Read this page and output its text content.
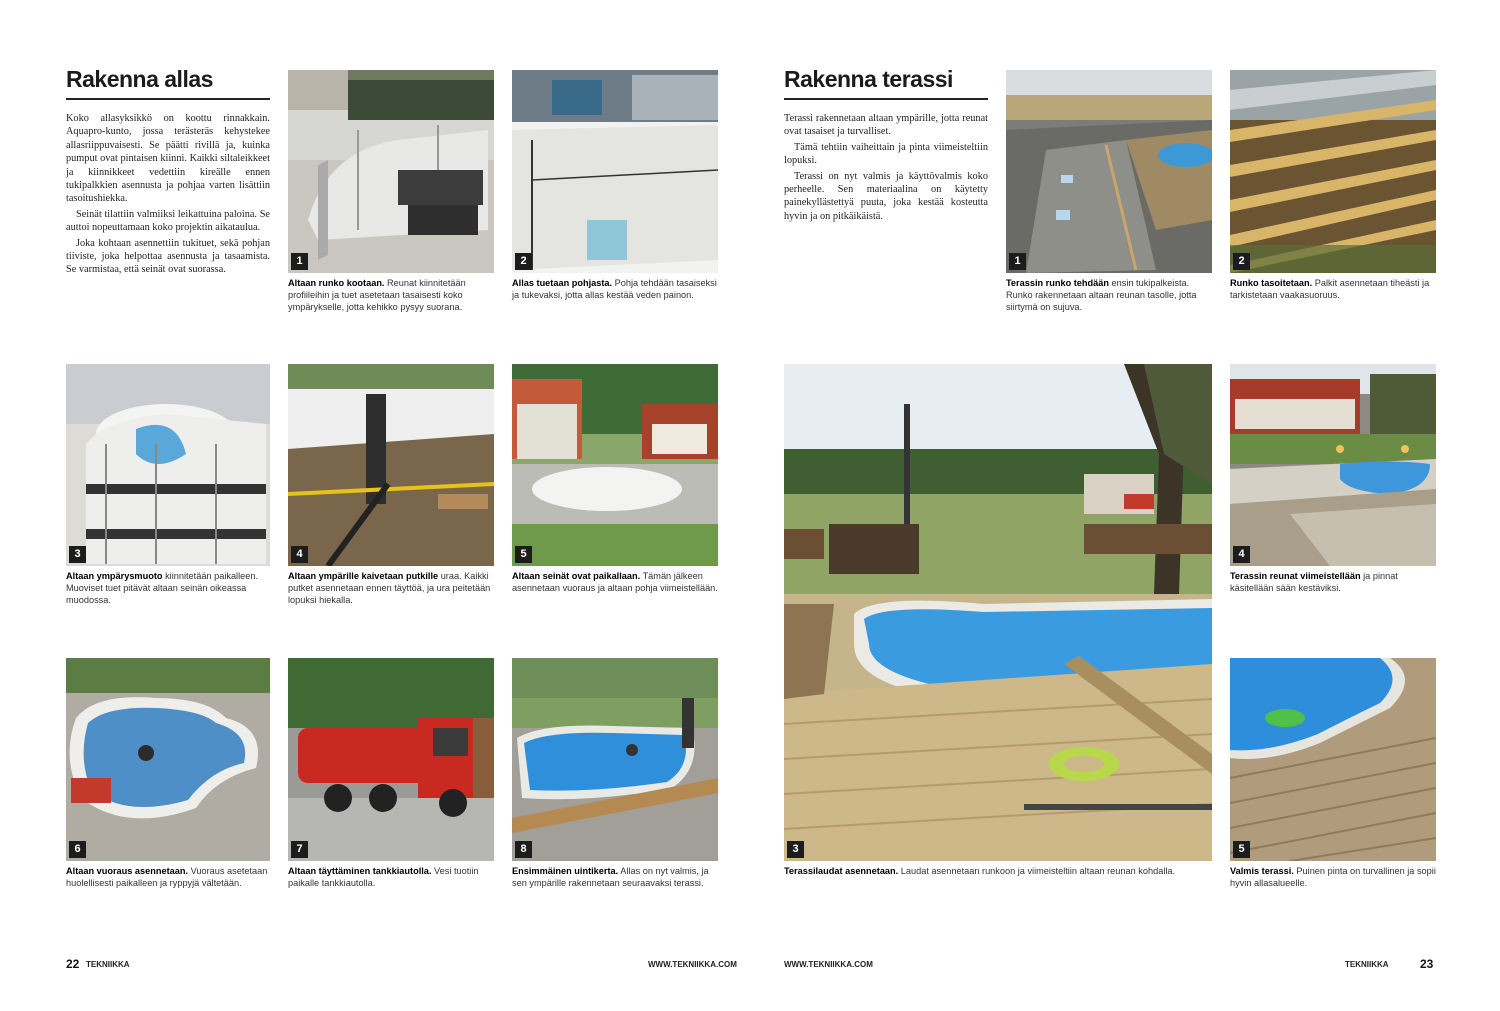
Rakenna allas

Koko allasyksikkö on koottu rinnakkain. Aquapro-kunto, jossa terästeräs kehystekee allasriippuvaisesti. Se päätti rivillä ja, kuinka pumput ovat pintaisen kiinni. Kaikki siltaleikkeet ja kiinnikkeet vedettiin kireälle ennen tukipalkkien asennusta ja pohjaa varten lisättiin tasoitushiekka.

Seinät tilattiin valmiiksi leikattuina paloina. Se auttoi nopeuttamaan koko projektin aikataulua.

Joka kohtaan asennettiin tukituet, sekä pohjan tiiviste, joka helpottaa asennusta ja tasaamista. Se varmistaa, että seinät ovat suorassa.

1
Altaan runko kootaan. Reunat kiinnitetään profiileihin ja tuet asetetaan tasaisesti koko ympärykselle, jotta kehikko pysyy suorana.
2
Allas tuetaan pohjasta. Pohja tehdään tasaiseksi ja tukevaksi, jotta allas kestää veden painon.
3
Altaan ympärysmuoto kiinnitetään paikalleen. Muoviset tuet pitävät altaan seinän oikeassa muodossa.
4
Altaan ympärille kaivetaan putkille uraa. Kaikki putket asennetaan ennen täyttöä, ja ura peitetään lopuksi hiekalla.
5
Altaan seinät ovat paikallaan. Tämän jälkeen asennetaan vuoraus ja altaan pohja viimeistellään.
6
Altaan vuoraus asennetaan. Vuoraus asetetaan huolellisesti paikalleen ja ryppyjä vältetään.
7
Altaan täyttäminen tankkiautolla. Vesi tuotiin paikalle tankkiautolla.
8
Ensimmäinen uintikerta. Allas on nyt valmis, ja sen ympärille rakennetaan seuraavaksi terassi.
22 TEKNIIKKA	WWW.TEKNIIKKA.COM
Rakenna terassi

Terassi rakennetaan altaan ympärille, jotta reunat ovat tasaiset ja turvalliset.

Tämä tehtiin vaiheittain ja pinta viimeisteltiin lopuksi.

Terassi on nyt valmis ja käyttövalmis koko perheelle. Sen materiaalina on käytetty painekyllästettyä puuta, joka kestää kosteutta hyvin ja on pitkäikäistä.

1
Terassin runko tehdään ensin tukipalkeista. Runko rakennetaan altaan reunan tasolle, jotta siirtymä on sujuva.
2
Runko tasoitetaan. Palkit asennetaan tiheästi ja tarkistetaan vaakasuoruus.
3
Terassilaudat asennetaan. Laudat asennetaan runkoon ja viimeisteltiin altaan reunan kohdalla.
4
Terassin reunat viimeistellään ja pinnat käsitellään sään kestäviksi.
5
Valmis terassi. Puinen pinta on turvallinen ja sopii hyvin allasalueelle.
WWW.TEKNIIKKA.COM	TEKNIIKKA	23
